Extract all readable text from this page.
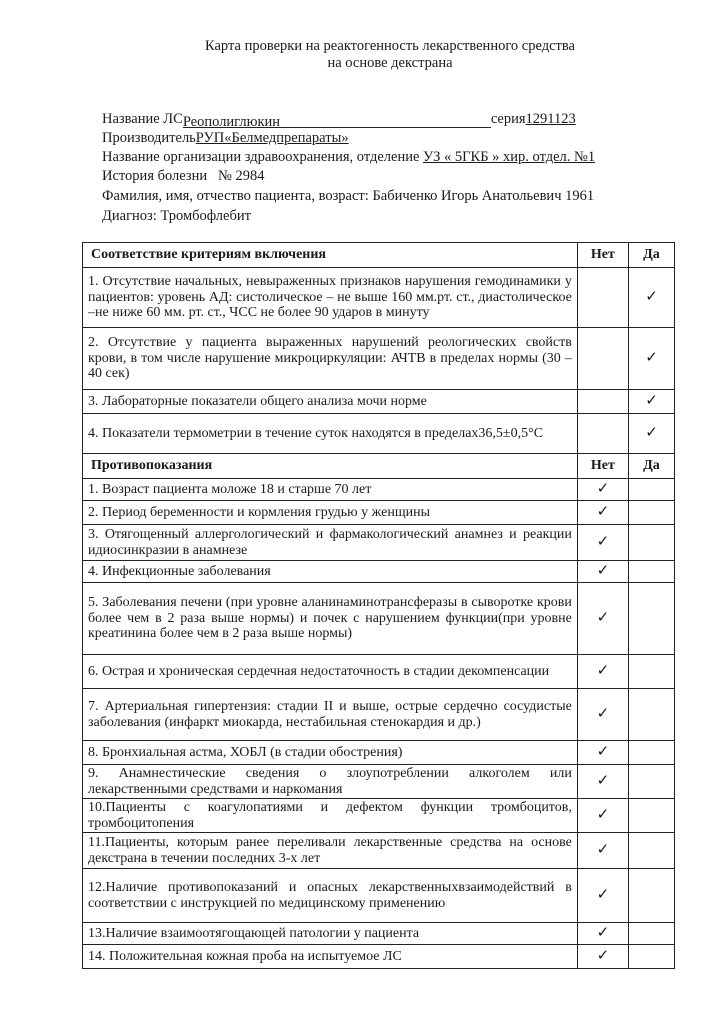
Карта проверки на реактогенность лекарственного средства
на основе декстрана
Название ЛСРеополиглюкин	серия1291123
ПроизводительРУП«Белмедпрепараты»
Название организации здравоохранения, отделение УЗ « 5ГКБ » хир. отдел. №1
История болезни № 2984
Фамилия, имя, отчество пациента, возраст: Бабиченко Игорь Анатольевич 1961
Диагноз: Тромбофлебит
Соответствие критериям включения	Нет	Да
1. Отсутствие начальных, невыраженных признаков нарушения гемодинамики у пациентов: уровень АД: систолическое – не выше 160 мм.рт. ст., диастолическое –не ниже 60 мм. рт. ст., ЧСС не более 90 ударов в минуту		✓
2. Отсутствие у пациента выраженных нарушений реологических свойств крови, в том числе нарушение микроциркуляции: АЧТВ в пределах нормы (30 – 40 сек)		✓
3. Лабораторные показатели общего анализа мочи норме		✓
4. Показатели термометрии в течение суток находятся в пределах36,5±0,5°С		✓
Противопоказания	Нет	Да
1. Возраст пациента моложе 18 и старше 70 лет	✓	
2. Период беременности и кормления грудью у женщины	✓	
3. Отягощенный аллергологический и фармакологический анамнез и реакции идиосинкразии в анамнезе	✓	
4. Инфекционные заболевания	✓	
5. Заболевания печени (при уровне аланинаминотрансферазы в сыворотке крови более чем в 2 раза выше нормы) и почек с нарушением функции(при уровне креатинина более чем в 2 раза выше нормы)	✓	
6. Острая и хроническая сердечная недостаточность в стадии декомпенсации	✓	
7. Артериальная гипертензия: стадии II и выше, острые сердечно сосудистые заболевания (инфаркт миокарда, нестабильная стенокардия и др.)	✓	
8. Бронхиальная астма, ХОБЛ (в стадии обострения)	✓	
9. Анамнестические сведения о злоупотреблении алкоголем или лекарственными средствами и наркомания	✓	
10.Пациенты с коагулопатиями и дефектом функции тромбоцитов, тромбоцитопения	✓	
11.Пациенты, которым ранее переливали лекарственные средства на основе декстрана в течении последних 3-х лет	✓	
12.Наличие противопоказаний и опасных лекарственныхвзаимодействий в соответствии с инструкцией по медицинскому применению	✓	
13.Наличие взаимоотягощающей патологии у пациента	✓	
14. Положительная кожная проба на испытуемое ЛС	✓	
